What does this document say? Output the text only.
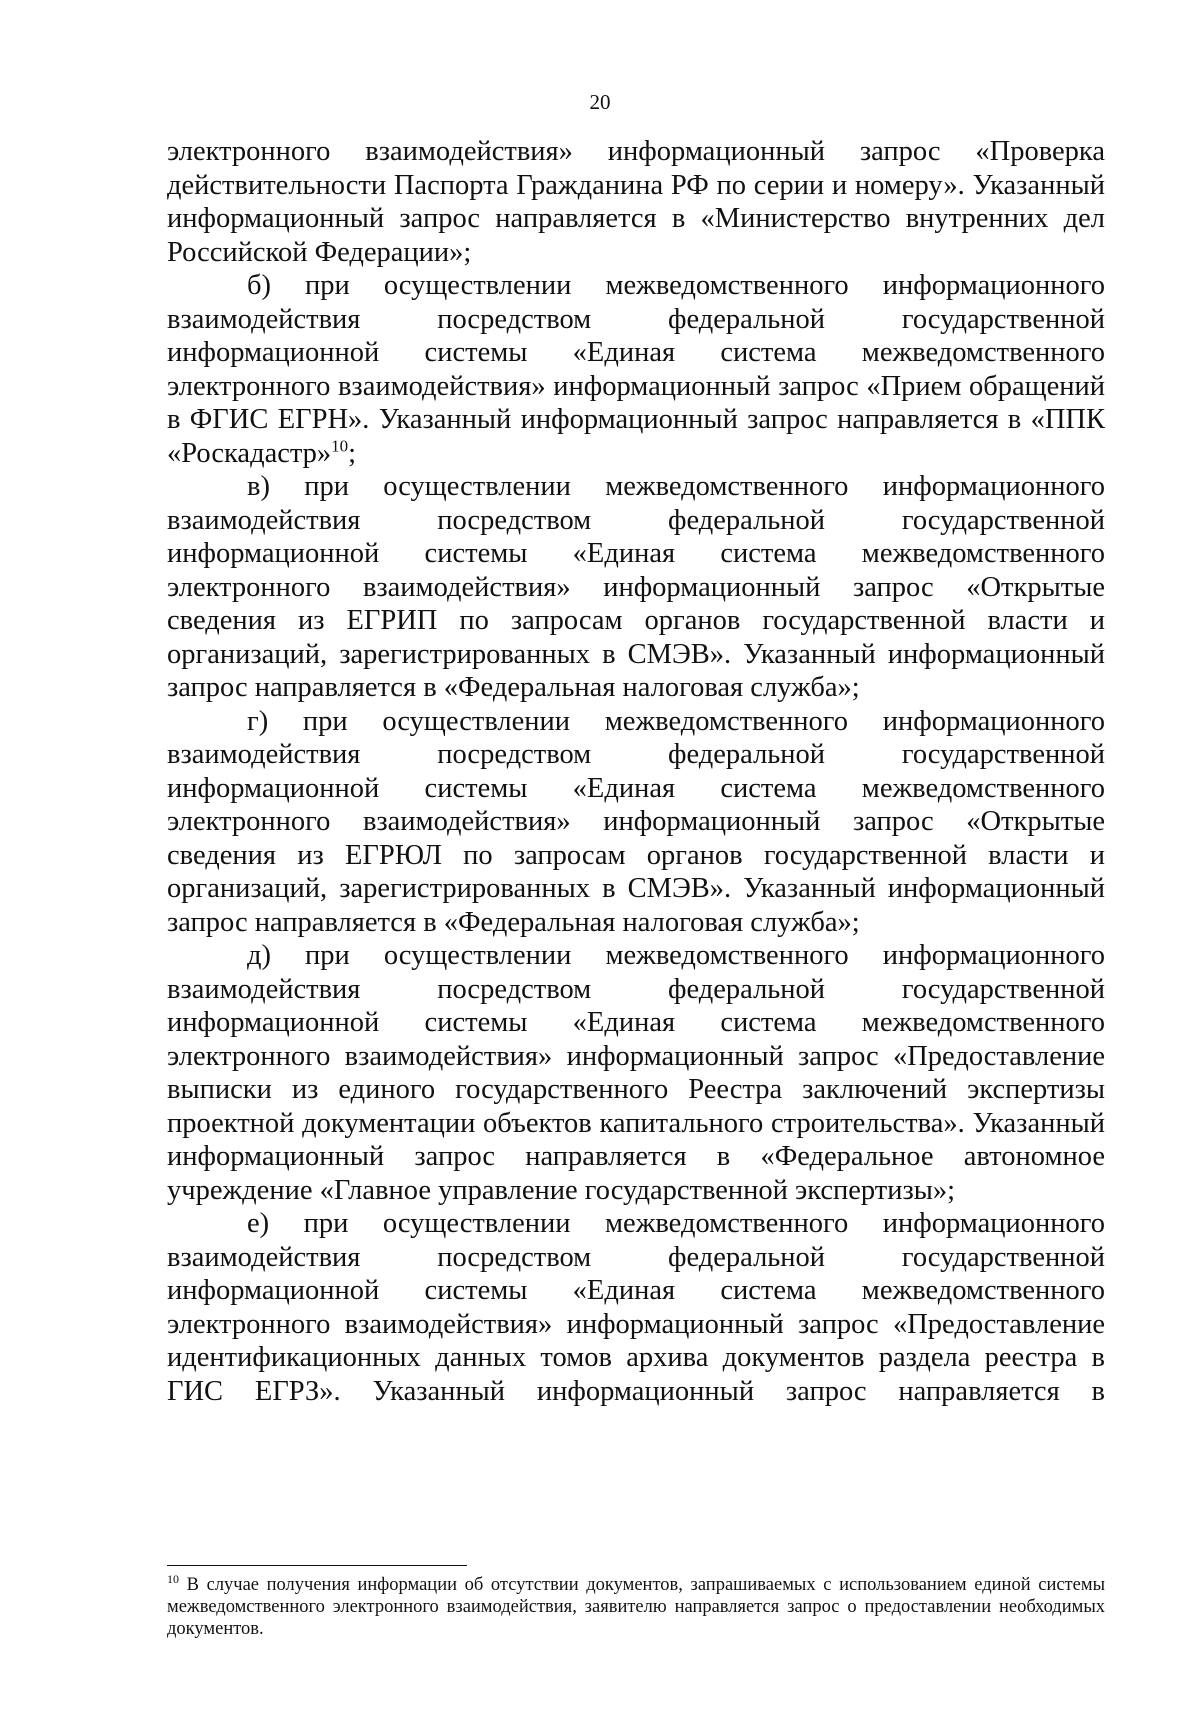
20

электронного взаимодействия» информационный запрос «Проверка действительности Паспорта Гражданина РФ по серии и номеру». Указанный информационный запрос направляется в «Министерство внутренних дел Российской Федерации»;

б) при осуществлении межведомственного информационного взаимодействия посредством федеральной государственной информационной системы «Единая система межведомственного электронного взаимодействия» информационный запрос «Прием обращений в ФГИС ЕГРН». Указанный информационный запрос направляется в «ППК «Роскадастр»$^{10}$;

в) при осуществлении межведомственного информационного взаимодействия посредством федеральной государственной информационной системы «Единая система межведомственного электронного взаимодействия» информационный запрос «Открытые сведения из ЕГРИП по запросам органов государственной власти и организаций, зарегистрированных в СМЭВ». Указанный информационный запрос направляется в «Федеральная налоговая служба»;

г) при осуществлении межведомственного информационного взаимодействия посредством федеральной государственной информационной системы «Единая система межведомственного электронного взаимодействия» информационный запрос «Открытые сведения из ЕГРЮЛ по запросам органов государственной власти и организаций, зарегистрированных в СМЭВ». Указанный информационный запрос направляется в «Федеральная налоговая служба»;

д) при осуществлении межведомственного информационного взаимодействия посредством федеральной государственной информационной системы «Единая система межведомственного электронного взаимодействия» информационный запрос «Предоставление выписки из единого государственного Реестра заключений экспертизы проектной документации объектов капитального строительства». Указанный информационный запрос направляется в «Федеральное автономное учреждение «Главное управление государственной экспертизы»;

е) при осуществлении межведомственного информационного взаимодействия посредством федеральной государственной информационной системы «Единая система межведомственного электронного взаимодействия» информационный запрос «Предоставление идентификационных данных томов архива документов раздела реестра в ГИС ЕГРЗ». Указанный информационный запрос направляется в

$^{10}$ В случае получения информации об отсутствии документов, запрашиваемых с использованием единой системы межведомственного электронного взаимодействия, заявителю направляется запрос о предоставлении необходимых документов.
